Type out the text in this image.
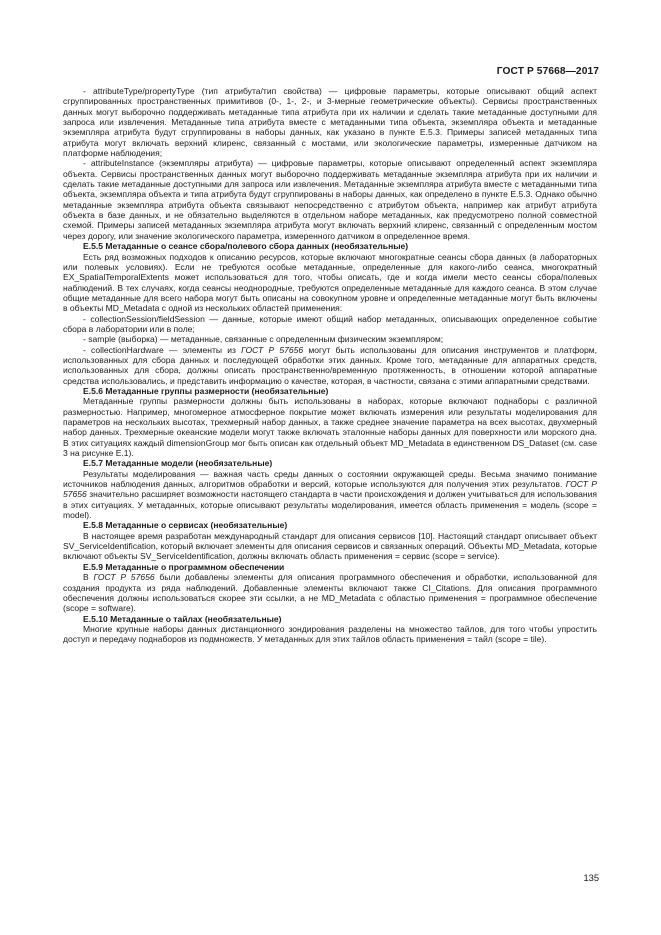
ГОСТ Р 57668—2017

- attributeType/propertyType (тип атрибута/тип свойства) — цифровые параметры, которые описывают общий аспект сгруппированных пространственных примитивов (0-, 1-, 2-, и 3-мерные геометрические объекты). Сервисы пространственных данных могут выборочно поддерживать метаданные типа атрибута при их наличии и сделать такие метаданные доступными для запроса или извлечения. Метаданные типа атрибута вместе с метаданными типа объекта, экземпляра объекта и метаданные экземпляра атрибута будут сгруппированы в наборы данных, как указано в пункте Е.5.3. Примеры записей метаданных типа атрибута могут включать верхний клиренс, связанный с мостами, или экологические параметры, измеренные датчиком на платформе наблюдения;

- attributeInstance (экземпляры атрибута) — цифровые параметры, которые описывают определенный аспект экземпляра объекта. Сервисы пространственных данных могут выборочно поддерживать метаданные экземпляра атрибута при их наличии и сделать такие метаданные доступными для запроса или извлечения. Метаданные экземпляра атрибута вместе с метаданными типа объекта, экземпляра объекта и типа атрибута будут сгруппированы в наборы данных, как определено в пункте Е.5.3. Однако обычно метаданные экземпляра атрибута объекта связывают непосредственно с атрибутом объекта, например как атрибут атрибута объекта в базе данных, и не обязательно выделяются в отдельном наборе метаданных, как предусмотрено полной совместной схемой. Примеры записей метаданных экземпляра атрибута могут включать верхний клиренс, связанный с определенным мостом через дорогу, или значение экологического параметра, измеренного датчиком в определенное время.

Е.5.5 Метаданные о сеансе сбора/полевого сбора данных (необязательные)

Есть ряд возможных подходов к описанию ресурсов, которые включают многократные сеансы сбора данных (в лабораторных или полевых условиях). Если не требуются особые метаданные, определенные для какого-либо сеанса, многократный EX_SpatialTemporalExtents может использоваться для того, чтобы описать, где и когда имели место сеансы сбора/полевых наблюдений. В тех случаях, когда сеансы неоднородные, требуются определенные метаданные для каждого сеанса. В этом случае общие метаданные для всего набора могут быть описаны на совокупном уровне и определенные метаданные могут быть включены в объекты MD_Metadata с одной из нескольких областей применения:

- collectionSession/fieldSession — данные, которые имеют общий набор метаданных, описывающих определенное событие сбора в лаборатории или в поле;

- sample (выборка) — метаданные, связанные с определенным физическим экземпляром;

- collectionHardware — элементы из ГОСТ Р 57656 могут быть использованы для описания инструментов и платформ, использованных для сбора данных и последующей обработки этих данных. Кроме того, метаданные для аппаратных средств, использованных для сбора, должны описать пространственно/временную протяженность, в отношении которой аппаратные средства использовались, и представить информацию о качестве, которая, в частности, связана с этими аппаратными средствами.

Е.5.6 Метаданные группы размерности (необязательные)

Метаданные группы размерности должны быть использованы в наборах, которые включают поднаборы с различной размерностью. Например, многомерное атмосферное покрытие может включать измерения или результаты моделирования для параметров на нескольких высотах, трехмерный набор данных, а также среднее значение параметра на всех высотах, двухмерный набор данных. Трехмерные океанские модели могут также включать эталонные наборы данных для поверхности или морского дна. В этих ситуациях каждый dimensionGroup мог быть описан как отдельный объект MD_Metadata в единственном DS_Dataset (см. case 3 на рисунке Е.1).

Е.5.7 Метаданные модели (необязательные)

Результаты моделирования — важная часть среды данных о состоянии окружающей среды. Весьма значимо понимание источников наблюдения данных, алгоритмов обработки и версий, которые используются для получения этих результатов. ГОСТ Р 57656 значительно расширяет возможности настоящего стандарта в части происхождения и должен учитываться для использования в этих ситуациях. У метаданных, которые описывают результаты моделирования, имеется область применения = модель (scope = model).

Е.5.8 Метаданные о сервисах (необязательные)

В настоящее время разработан международный стандарт для описания сервисов [10]. Настоящий стандарт описывает объект SV_ServiceIdentification, который включает элементы для описания сервисов и связанных операций. Объекты MD_Metadata, которые включают объекты SV_ServiceIdentification, должны включать область применения = сервис (scope = service).

Е.5.9 Метаданные о программном обеспечении

В ГОСТ Р 57656 были добавлены элементы для описания программного обеспечения и обработки, использованной для создания продукта из ряда наблюдений. Добавленные элементы включают также CI_Citations. Для описания программного обеспечения должны использоваться скорее эти ссылки, а не MD_Metadata с областью применения = программное обеспечение (scope = software).

Е.5.10 Метаданные о тайлах (необязательные)

Многие крупные наборы данных дистанционного зондирования разделены на множество тайлов, для того чтобы упростить доступ и передачу поднаборов из подмножеств. У метаданных для этих тайлов область применения = тайл (scope = tile).

135
